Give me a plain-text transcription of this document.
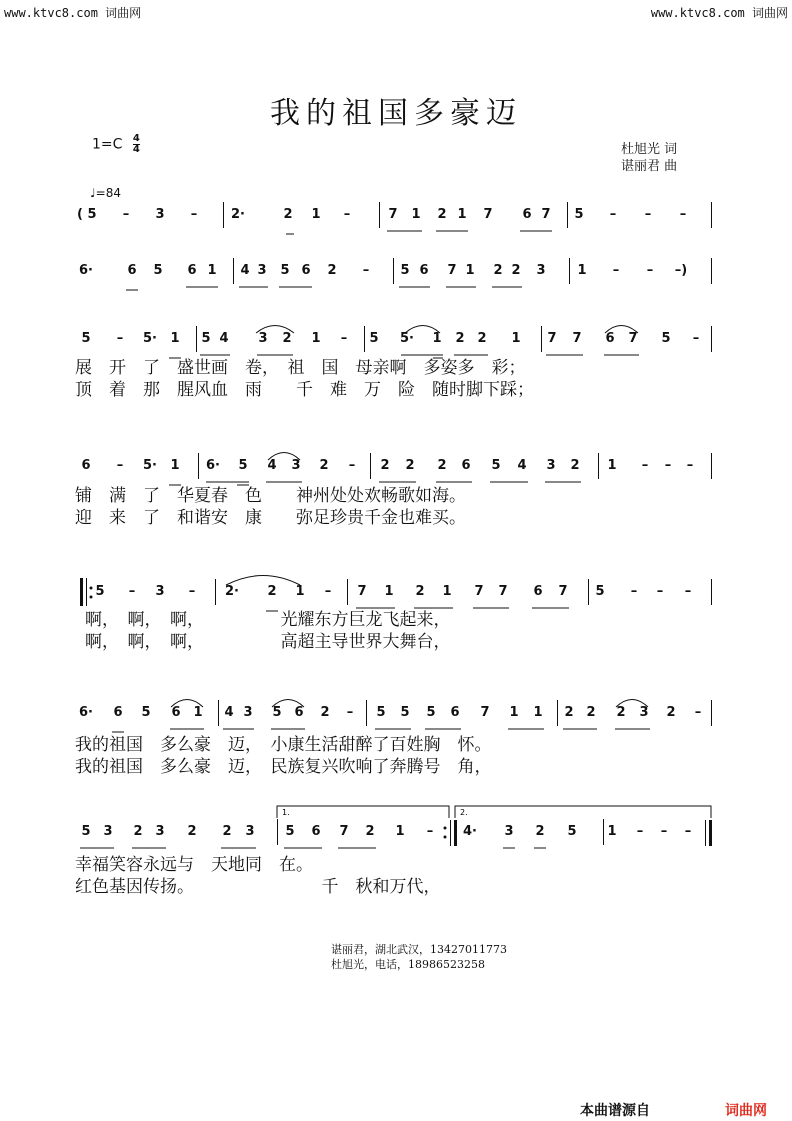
www.ktvc8.com 词曲网	www.ktvc8.com 词曲网
我的祖国多豪迈
$1=C \frac{4}{4}$
♩=84
杜旭光 词
谌丽君 曲
( 5 – 3 –	2·	2 1 –	7 1 2 1 7 6 7 5 – – –
6·	6 5 6 1 4 3 5 6 2 – 5 6 7 1 2 2 3 1 – – –)
5 – 5· 1 5 4 3 2 1 – 5 5· 1 2 2 1 7 7 6 7 5 –
6 – 5· 1 6· 5 4 3 2 – 2 2 2 6 5 4 3 2 1 – – –
5 – 3 – 2· 2 1 – 7 1 2 1 7 7 6 7 5 – – –
6· 6 5 6 1 4 3 5 6 2 – 5 5 5 6 7 1 1 2 2 2 3 2 –
5 3 2 3 2 2 3 5 6 7 2 1 – 4· 3 2 5 1 – – –
1.	2.
展　开　了　盛世画　卷，　祖　国　母亲啊　多姿多　彩；
顶　着　那　腥风血　雨　　千　难　万　险　随时脚下踩；
铺　满　了　华夏春　色　　神州处处欢畅歌如海。
迎　来　了　和谐安　康　　弥足珍贵千金也难买。
啊，　啊，　啊，　　　　　光耀东方巨龙飞起来，
啊，　啊，　啊，　　　　　高超主导世界大舞台，
我的祖国　多么豪　迈，　小康生活甜醉了百姓胸　怀。
我的祖国　多么豪　迈，　民族复兴吹响了奔腾号　角，
幸福笑容永远与　天地同　在。
红色基因传扬。　　　　　　　　千　秋和万代，
谌丽君，湖北武汉，13427011773
杜旭光，电话，18986523258
本曲谱源自	词曲网
